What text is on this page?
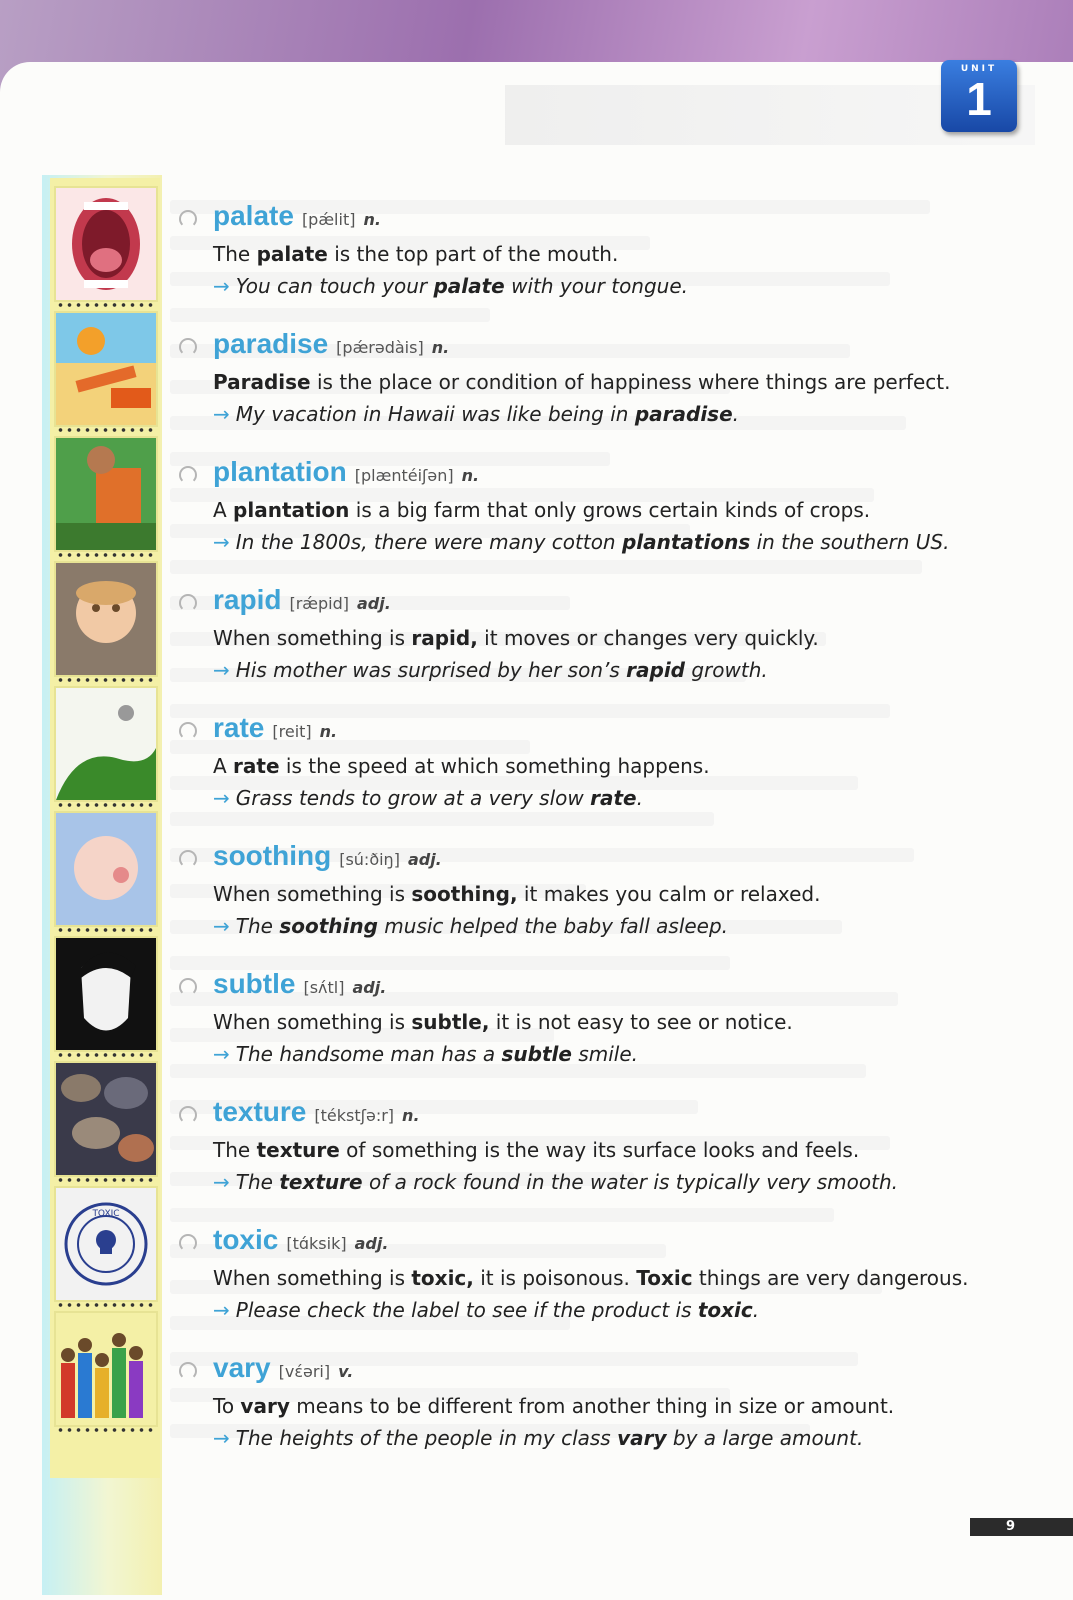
TOXIC
UNIT
1
palate [pǽlit] n.
The palate is the top part of the mouth.
→ You can touch your palate with your tongue.
paradise [pǽrədàis] n.
Paradise is the place or condition of happiness where things are perfect.
→ My vacation in Hawaii was like being in paradise.
plantation [plæntéiʃən] n.
A plantation is a big farm that only grows certain kinds of crops.
→ In the 1800s, there were many cotton plantations in the southern US.
rapid [rǽpid] adj.
When something is rapid, it moves or changes very quickly.
→ His mother was surprised by her son’s rapid growth.
rate [reit] n.
A rate is the speed at which something happens.
→ Grass tends to grow at a very slow rate.
soothing [sú:ðiŋ] adj.
When something is soothing, it makes you calm or relaxed.
→ The soothing music helped the baby fall asleep.
subtle [sʌ́tl] adj.
When something is subtle, it is not easy to see or notice.
→ The handsome man has a subtle smile.
texture [tékstʃə:r] n.
The texture of something is the way its surface looks and feels.
→ The texture of a rock found in the water is typically very smooth.
toxic [tɑ́ksik] adj.
When something is toxic, it is poisonous. Toxic things are very dangerous.
→ Please check the label to see if the product is toxic.
vary [vέəri] v.
To vary means to be different from another thing in size or amount.
→ The heights of the people in my class vary by a large amount.
9
